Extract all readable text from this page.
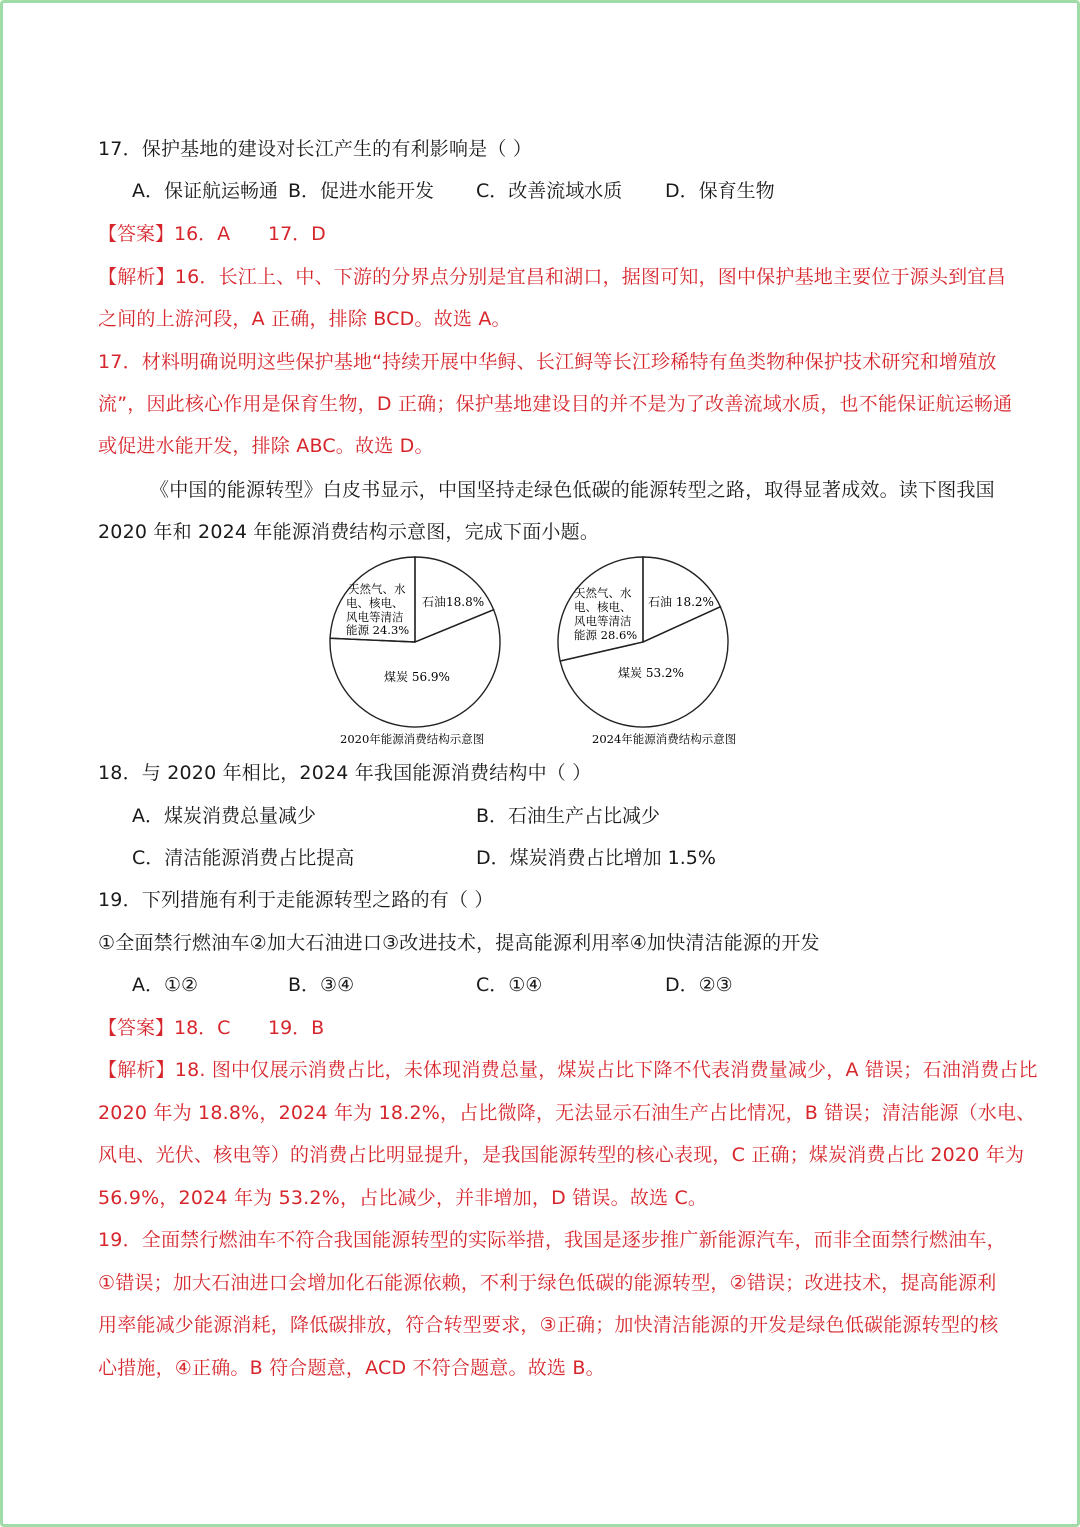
17．保护基地的建设对长江产生的有利影响是（ ）
A．保证航运畅通 B．促进水能开发 C．改善流域水质 D．保育生物
【答案】16．A 17．D
【解析】16．长江上、中、下游的分界点分别是宜昌和湖口，据图可知，图中保护基地主要位于源头到宜昌
之间的上游河段，A 正确，排除 BCD。故选 A。
17．材料明确说明这些保护基地“持续开展中华鲟、长江鲟等长江珍稀特有鱼类物种保护技术研究和增殖放
流”，因此核心作用是保育生物，D 正确；保护基地建设目的并不是为了改善流域水质，也不能保证航运畅通
或促进水能开发，排除 ABC。故选 D。
《中国的能源转型》白皮书显示，中国坚持走绿色低碳的能源转型之路，取得显著成效。读下图我国
2020 年和 2024 年能源消费结构示意图，完成下面小题。
石油18.8%
煤炭 56.9%
天然气、水
电、核电、
风电等清洁
能源 24.3%
2020年能源消费结构示意图
石油 18.2%
煤炭 53.2%
天然气、水
电、核电、
风电等清洁
能源 28.6%
2024年能源消费结构示意图
18．与 2020 年相比，2024 年我国能源消费结构中（ ）
A．煤炭消费总量减少	B．石油生产占比减少
C．清洁能源消费占比提高	D．煤炭消费占比增加 1.5%
19．下列措施有利于走能源转型之路的有（ ）
①全面禁行燃油车②加大石油进口③改进技术，提高能源利用率④加快清洁能源的开发
A．①②	B．③④	C．①④	D．②③
【答案】18．C 19．B
【解析】18. 图中仅展示消费占比，未体现消费总量，煤炭占比下降不代表消费量减少，A 错误；石油消费占比
2020 年为 18.8%，2024 年为 18.2%，占比微降，无法显示石油生产占比情况，B 错误；清洁能源（水电、
风电、光伏、核电等）的消费占比明显提升，是我国能源转型的核心表现，C 正确；煤炭消费占比 2020 年为
56.9%，2024 年为 53.2%，占比减少，并非增加，D 错误。故选 C。
19．全面禁行燃油车不符合我国能源转型的实际举措，我国是逐步推广新能源汽车，而非全面禁行燃油车，
①错误；加大石油进口会增加化石能源依赖，不利于绿色低碳的能源转型，②错误；改进技术，提高能源利
用率能减少能源消耗，降低碳排放，符合转型要求，③正确；加快清洁能源的开发是绿色低碳能源转型的核
心措施，④正确。B 符合题意，ACD 不符合题意。故选 B。
